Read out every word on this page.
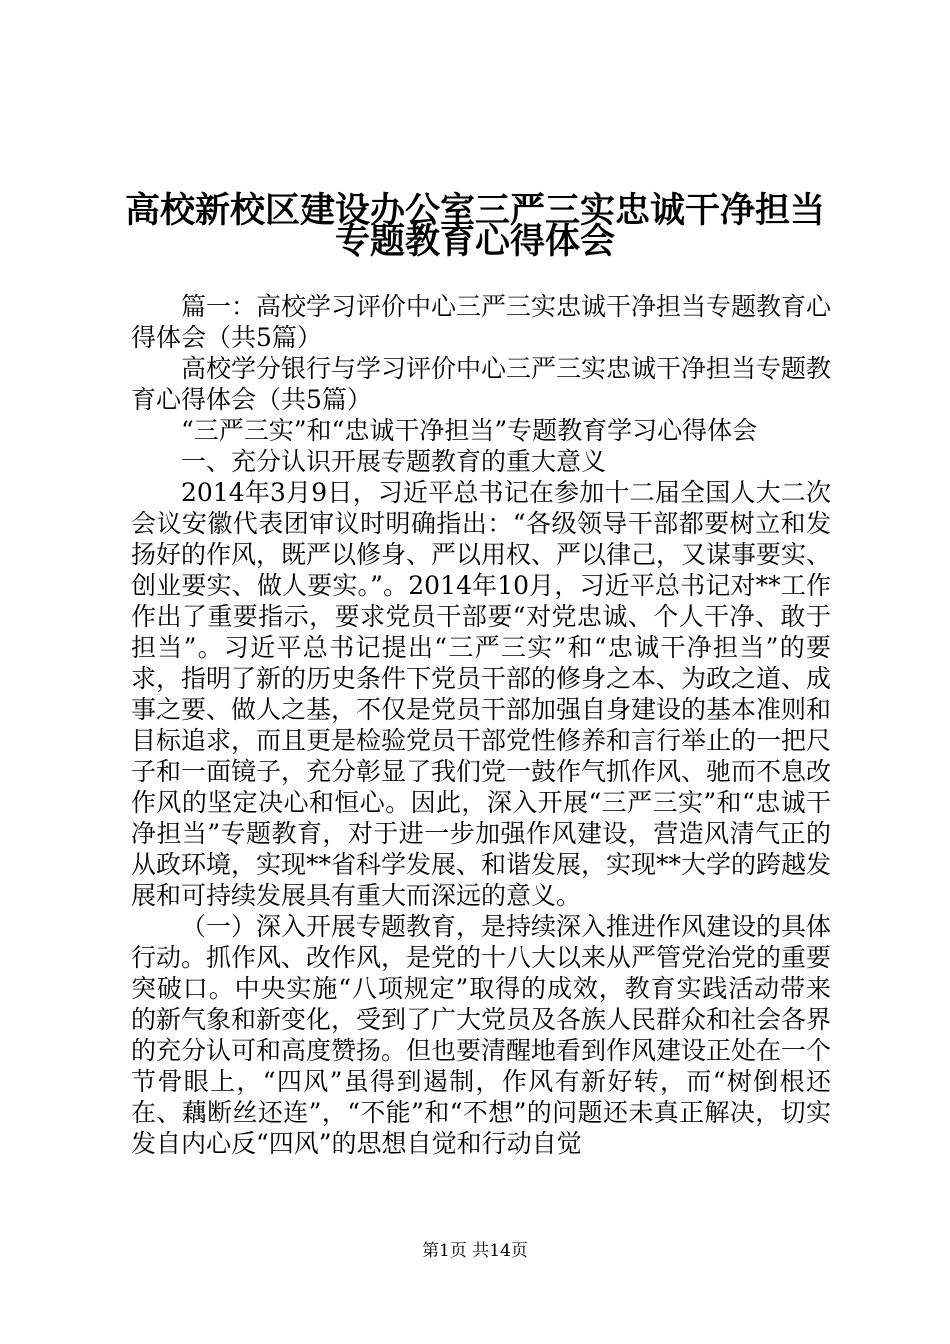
高校新校区建设办公室三严三实忠诚干净担当
专题教育心得体会

篇一：高校学习评价中心三严三实忠诚干净担当专题教育心得体会（共5篇）

高校学分银行与学习评价中心三严三实忠诚干净担当专题教育心得体会（共5篇）

“三严三实”和“忠诚干净担当”专题教育学习心得体会

一、充分认识开展专题教育的重大意义

2014年3月9日，习近平总书记在参加十二届全国人大二次会议安徽代表团审议时明确指出：“各级领导干部都要树立和发扬好的作风，既严以修身、严以用权、严以律己，又谋事要实、创业要实、做人要实。”。2014年10月，习近平总书记对**工作作出了重要指示，要求党员干部要“对党忠诚、个人干净、敢于担当”。习近平总书记提出“三严三实”和“忠诚干净担当”的要求，指明了新的历史条件下党员干部的修身之本、为政之道、成事之要、做人之基，不仅是党员干部加强自身建设的基本准则和目标追求，而且更是检验党员干部党性修养和言行举止的一把尺子和一面镜子，充分彰显了我们党一鼓作气抓作风、驰而不息改作风的坚定决心和恒心。因此，深入开展“三严三实”和“忠诚干净担当”专题教育，对于进一步加强作风建设，营造风清气正的从政环境，实现**省科学发展、和谐发展，实现**大学的跨越发展和可持续发展具有重大而深远的意义。

（一）深入开展专题教育，是持续深入推进作风建设的具体行动。抓作风、改作风，是党的十八大以来从严管党治党的重要突破口。中央实施“八项规定”取得的成效，教育实践活动带来的新气象和新变化，受到了广大党员及各族人民群众和社会各界的充分认可和高度赞扬。但也要清醒地看到作风建设正处在一个节骨眼上，“四风”虽得到遏制，作风有新好转，而“树倒根还在、藕断丝还连”，“不能”和“不想”的问题还未真正解决，切实发自内心反“四风”的思想自觉和行动自觉

第1页 共14页
